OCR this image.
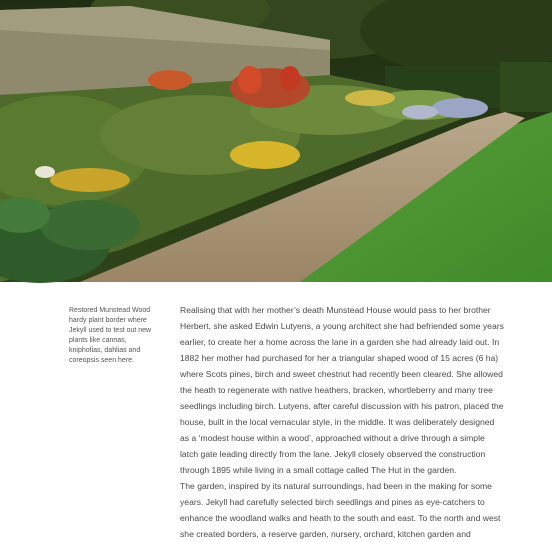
Restored Munstead Wood
hardy plant border where
Jekyll used to test out new
plants like cannas,
kniphofias, dahlias and
coreopsis seen here.
Realising that with her mother’s death Munstead House would pass to her brother
Herbert, she asked Edwin Lutyens, a young architect she had befriended some years
earlier, to create her a home across the lane in a garden she had already laid out. In
1882 her mother had purchased for her a triangular shaped wood of 15 acres (6 ha)
where Scots pines, birch and sweet chestnut had recently been cleared. She allowed
the heath to regenerate with native heathers, bracken, whortleberry and many tree
seedlings including birch. Lutyens, after careful discussion with his patron, placed the
house, built in the local vernacular style, in the middle. It was deliberately designed
as a ‘modest house within a wood’, approached without a drive through a simple
latch gate leading directly from the lane. Jekyll closely observed the construction
through 1895 while living in a small cottage called The Hut in the garden.
The garden, inspired by its natural surroundings, had been in the making for some
years. Jekyll had carefully selected birch seedlings and pines as eye-catchers to
enhance the woodland walks and heath to the south and east. To the north and west
she created borders, a reserve garden, nursery, orchard, kitchen garden and
